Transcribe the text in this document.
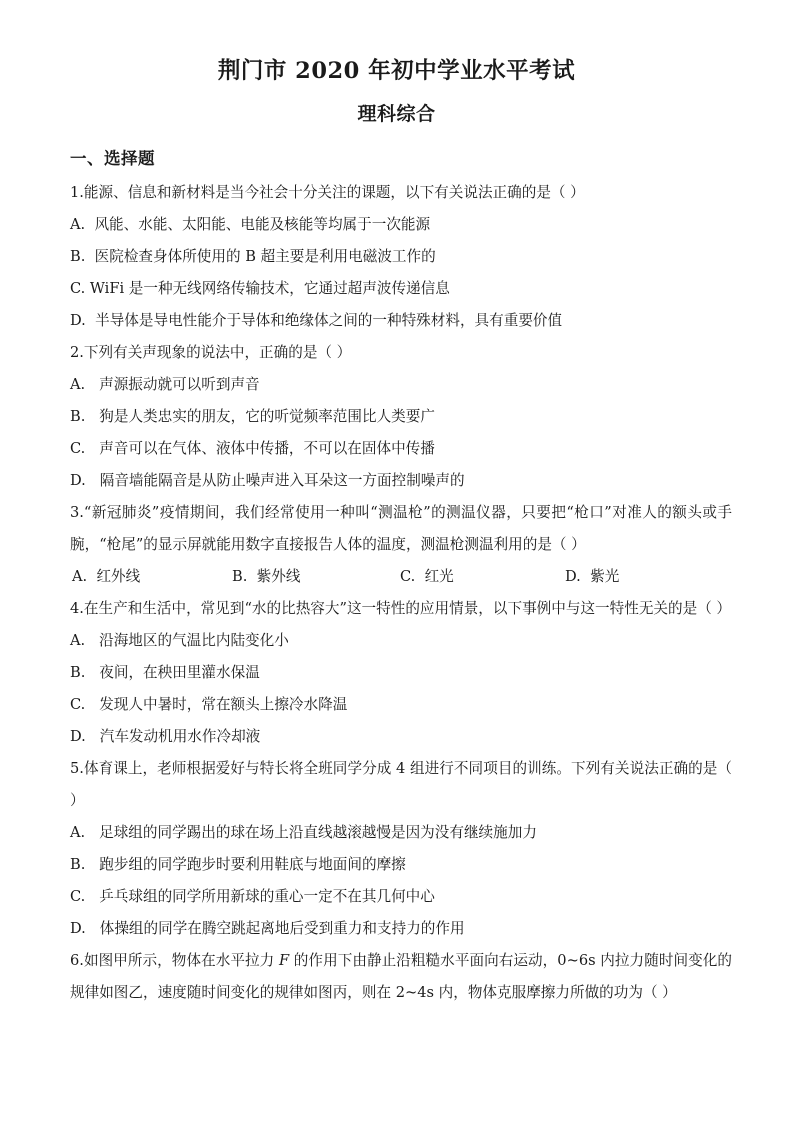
荆门市 2020 年初中学业水平考试
理科综合
一、选择题

1.能源、信息和新材料是当今社会十分关注的课题，以下有关说法正确的是（ ）

A.  风能、水能、太阳能、电能及核能等均属于一次能源

B.  医院检查身体所使用的 B 超主要是利用电磁波工作的

C. WiFi 是一种无线网络传输技术，它通过超声波传递信息

D.  半导体是导电性能介于导体和绝缘体之间的一种特殊材料，具有重要价值

2.下列有关声现象的说法中，正确的是（ ）

A.   声源振动就可以听到声音

B.   狗是人类忠实的朋友，它的听觉频率范围比人类要广

C.   声音可以在气体、液体中传播，不可以在固体中传播

D.   隔音墙能隔音是从防止噪声进入耳朵这一方面控制噪声的

3.“新冠肺炎”疫情期间，我们经常使用一种叫“测温枪”的测温仪器，只要把“枪口”对准人的额头或手腕，“枪尾”的显示屏就能用数字直接报告人体的温度，测温枪测温利用的是（ ）

A.  红外线	B.  紫外线	C.  红光	D.  紫光

4.在生产和生活中，常见到“水的比热容大”这一特性的应用情景，以下事例中与这一特性无关的是（ ）

A.   沿海地区的气温比内陆变化小

B.   夜间，在秧田里灌水保温

C.   发现人中暑时，常在额头上擦冷水降温

D.   汽车发动机用水作冷却液

5.体育课上，老师根据爱好与特长将全班同学分成 4 组进行不同项目的训练。下列有关说法正确的是（ ）

A.   足球组的同学踢出的球在场上沿直线越滚越慢是因为没有继续施加力

B.   跑步组的同学跑步时要利用鞋底与地面间的摩擦

C.   乒乓球组的同学所用新球的重心一定不在其几何中心

D.   体操组的同学在腾空跳起离地后受到重力和支持力的作用

6.如图甲所示，物体在水平拉力 F 的作用下由静止沿粗糙水平面向右运动，0~6s 内拉力随时间变化的规律如图乙，速度随时间变化的规律如图丙，则在 2~4s 内，物体克服摩擦力所做的功为（ ）
